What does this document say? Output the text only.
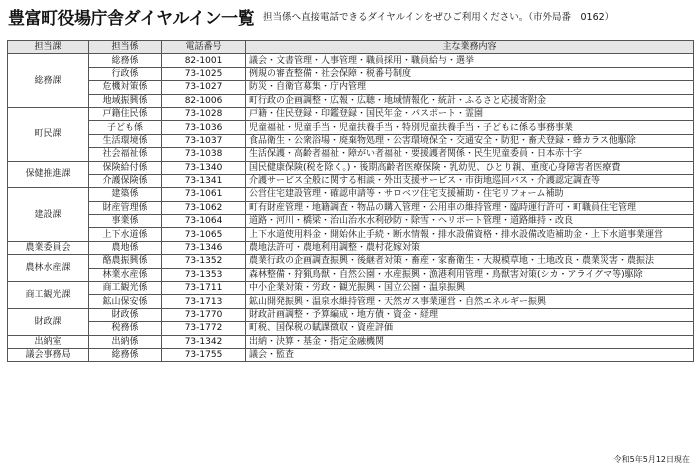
豊富町役場庁舎ダイヤルイン一覧 担当係へ直接電話できるダイヤルインをぜひご利用ください。（市外局番　0162）
担当課	担当係	電話番号	主な業務内容
総務課	総務係	82-1001	議会・文書管理・人事管理・職員採用・職員給与・選挙
	行政係	73-1025	例規の審査整備・社会保障・税番号制度
	危機対策係	73-1027	防災・自衛官募集・庁内管理
	地域振興係	82-1006	町行政の企画調整・広報・広聴・地域情報化・統計・ふるさと応援寄附金
町民課	戸籍住民係	73-1028	戸籍・住民登録・印鑑登録・国民年金・パスポート・霊園
	子ども係	73-1036	児童福祉・児童手当・児童扶養手当・特別児童扶養手当・子どもに係る事務事業
	生活環境係	73-1037	食品衛生・公衆浴場・廃棄物処理・公害環境保全・交通安全・防犯・畜犬登録・蜂カラス他駆除
	社会福祉係	73-1038	生活保護・高齢者福祉・障がい者福祉・要援護者関係・民生児童委員・日本赤十字
保健推進課	保険給付係	73-1340	国民健康保険(税を除く。)・後期高齢者医療保険・乳幼児、ひとり親、重度心身障害者医療費
	介護保険係	73-1341	介護サービス全般に関する相談・外出支援サービス・市街地巡回バス・介護認定調査等
建設課	建築係	73-1061	公営住宅建設管理・確認申請等・サロベツ住宅支援補助・住宅リフォーム補助
	財産管理係	73-1062	町有財産管理・地籍調査・物品の購入管理・公用車の維持管理・臨時運行許可・町職員住宅管理
	事業係	73-1064	道路・河川・橋梁・治山治水水利砂防・除雪・ヘリポート管理・道路維持・改良
	上下水道係	73-1065	上下水道使用料金・開始休止手続・断水情報・排水設備資格・排水設備改造補助金・上下水道事業運営
農業委員会	農地係	73-1346	農地法許可・農地利用調整・農村花嫁対策
農林水産課	酪農振興係	73-1352	農業行政の企画調査振興・後継者対策・畜産・家畜衛生・大規模草地・土地改良・農業災害・農振法
	林業水産係	73-1353	森林整備・狩猟鳥獣・自然公園・水産振興・漁港利用管理・鳥獣害対策(シカ・アライグマ等)駆除
商工観光課	商工観光係	73-1711	中小企業対策・労政・観光振興・国立公園・温泉振興
	鉱山保安係	73-1713	鉱山開発振興・温泉水維持管理・天然ガス事業運営・自然エネルギー振興
財政課	財政係	73-1770	財政計画調整・予算編成・地方債・資金・経理
	税務係	73-1772	町税、国保税の賦課徴収・資産評価
出納室	出納係	73-1342	出納・決算・基金・指定金融機関
議会事務局	総務係	73-1755	議会・監査
令和5年5月12日現在
